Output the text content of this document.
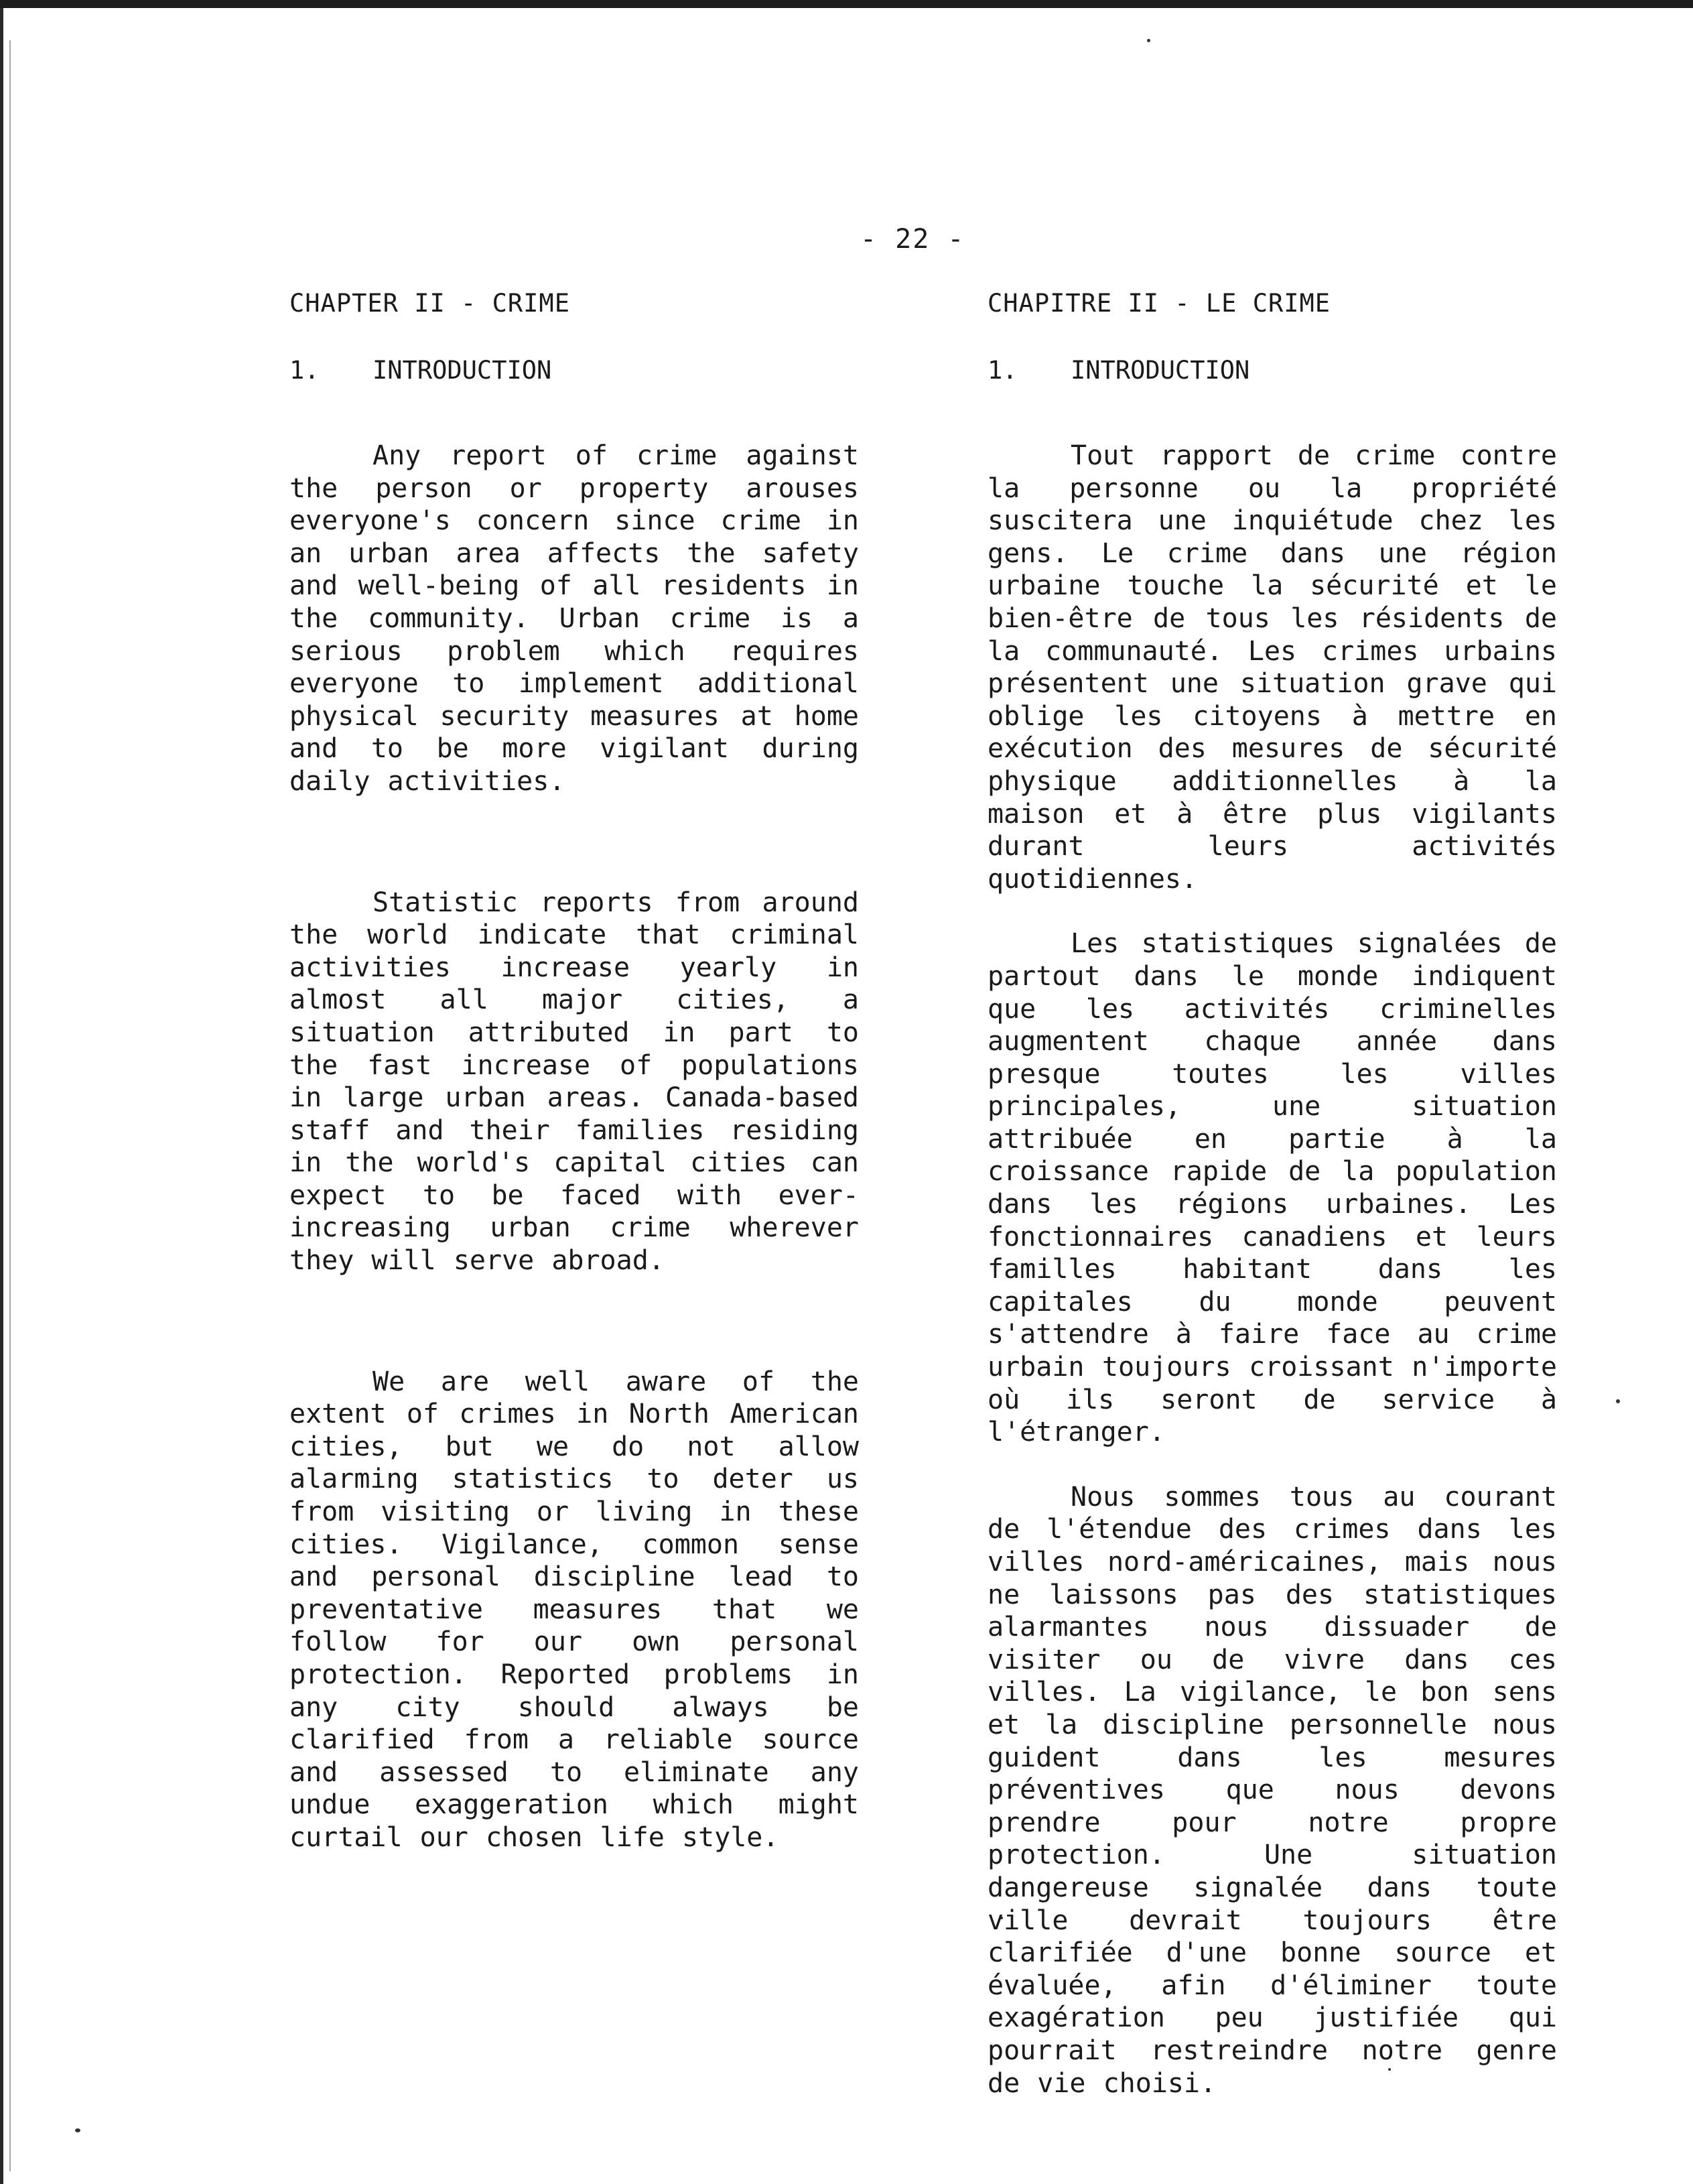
- 22 -
CHAPTER II - CRIME
1. INTRODUCTION

Any report of crime against the person or property arouses everyone's concern since crime in an urban area affects the safety and well-being of all residents in the community. Urban crime is a serious problem which requires everyone to implement additional physical security measures at home and to be more vigilant during daily activities.

Statistic reports from around the world indicate that criminal activities increase yearly in almost all major cities, a situation attributed in part to the fast increase of populations in large urban areas. Canada-based staff and their families residing in the world's capital cities can expect to be faced with ever-increasing urban crime wherever they will serve abroad.

We are well aware of the extent of crimes in North American cities, but we do not allow alarming statistics to deter us from visiting or living in these cities. Vigilance, common sense and personal discipline lead to preventative measures that we follow for our own personal protection. Reported problems in any city should always be clarified from a reliable source and assessed to eliminate any undue exaggeration which might curtail our chosen life style.

CHAPITRE II - LE CRIME
1. INTRODUCTION

Tout rapport de crime contre la personne ou la propriété suscitera une inquiétude chez les gens. Le crime dans une région urbaine touche la sécurité et le bien-être de tous les résidents de la communauté. Les crimes urbains présentent une situation grave qui oblige les citoyens à mettre en exécution des mesures de sécurité physique additionnelles à la maison et à être plus vigilants durant leurs activités quotidiennes.

Les statistiques signalées de partout dans le monde indiquent que les activités criminelles augmentent chaque année dans presque toutes les villes principales, une situation attribuée en partie à la croissance rapide de la population dans les régions urbaines. Les fonctionnaires canadiens et leurs familles habitant dans les capitales du monde peuvent s'attendre à faire face au crime urbain toujours croissant n'importe où ils seront de service à l'étranger.

Nous sommes tous au courant de l'étendue des crimes dans les villes nord-américaines, mais nous ne laissons pas des statistiques alarmantes nous dissuader de visiter ou de vivre dans ces villes. La vigilance, le bon sens et la discipline personnelle nous guident dans les mesures préventives que nous devons prendre pour notre propre protection. Une situation dangereuse signalée dans toute ville devrait toujours être clarifiée d'une bonne source et évaluée, afin d'éliminer toute exagération peu justifiée qui pourrait restreindre notre genre de vie choisi.
